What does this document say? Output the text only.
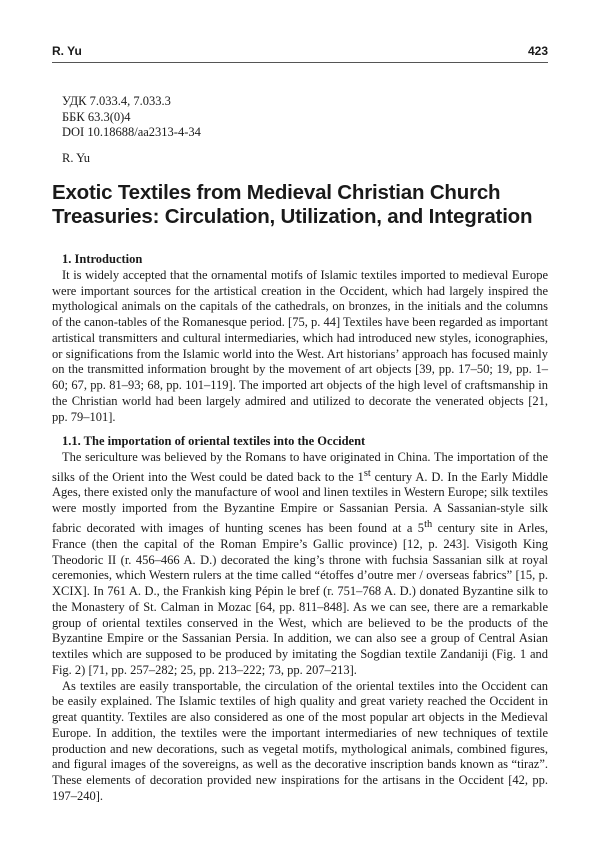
R. Yu	423
УДК 7.033.4, 7.033.3
ББК 63.3(0)4
DOI 10.18688/aa2313-4-34
R. Yu
Exotic Textiles from Medieval Christian Church
Treasuries: Circulation, Utilization, and Integration

1. Introduction

It is widely accepted that the ornamental motifs of Islamic textiles imported to medieval Europe were important sources for the artistical creation in the Occident, which had largely inspired the mythological animals on the capitals of the cathedrals, on bronzes, in the initials and the columns of the canon-tables of the Romanesque period. [75, p. 44] Textiles have been regarded as important artistical transmitters and cultural intermediaries, which had introduced new styles, iconographies, or significations from the Islamic world into the West. Art historians’ approach has focused mainly on the transmitted information brought by the movement of art objects [39, pp. 17–50; 19, pp. 1–60; 67, pp. 81–93; 68, pp. 101–119]. The imported art objects of the high level of craftsmanship in the Christian world had been largely admired and utilized to decorate the venerated objects [21, pp. 79–101].

1.1. The importation of oriental textiles into the Occident

The sericulture was believed by the Romans to have originated in China. The importation of the silks of the Orient into the West could be dated back to the 1st century A. D. In the Early Middle Ages, there existed only the manufacture of wool and linen textiles in Western Europe; silk textiles were mostly imported from the Byzantine Empire or Sassanian Persia. A Sassanian-style silk fabric decorated with images of hunting scenes has been found at a 5th century site in Arles, France (then the capital of the Roman Empire’s Gallic province) [12, p. 243]. Visigoth King Theodoric II (r. 456–466 A. D.) decorated the king’s throne with fuchsia Sassanian silk at royal ceremonies, which Western rulers at the time called “étoffes d’outre mer / overseas fabrics” [15, p. XCIX]. In 761 A. D., the Frankish king Pépin le bref (r. 751–768 A. D.) donated Byzantine silk to the Monastery of St. Calman in Mozac [64, pp. 811–848]. As we can see, there are a remarkable group of oriental textiles conserved in the West, which are believed to be the products of the Byzantine Empire or the Sassanian Persia. In addition, we can also see a group of Central Asian textiles which are supposed to be produced by imitating the Sogdian textile Zandaniji (Fig. 1 and Fig. 2) [71, pp. 257–282; 25, pp. 213–222; 73, pp. 207–213].

As textiles are easily transportable, the circulation of the oriental textiles into the Occident can be easily explained. The Islamic textiles of high quality and great variety reached the Occident in great quantity. Textiles are also considered as one of the most popular art objects in the Medieval Europe. In addition, the textiles were the important intermediaries of new techniques of textile production and new decorations, such as vegetal motifs, mythological animals, combined figures, and figural images of the sovereigns, as well as the decorative inscription bands known as “tiraz”. These elements of decoration provided new inspirations for the artisans in the Occident [42, pp. 197–240].
